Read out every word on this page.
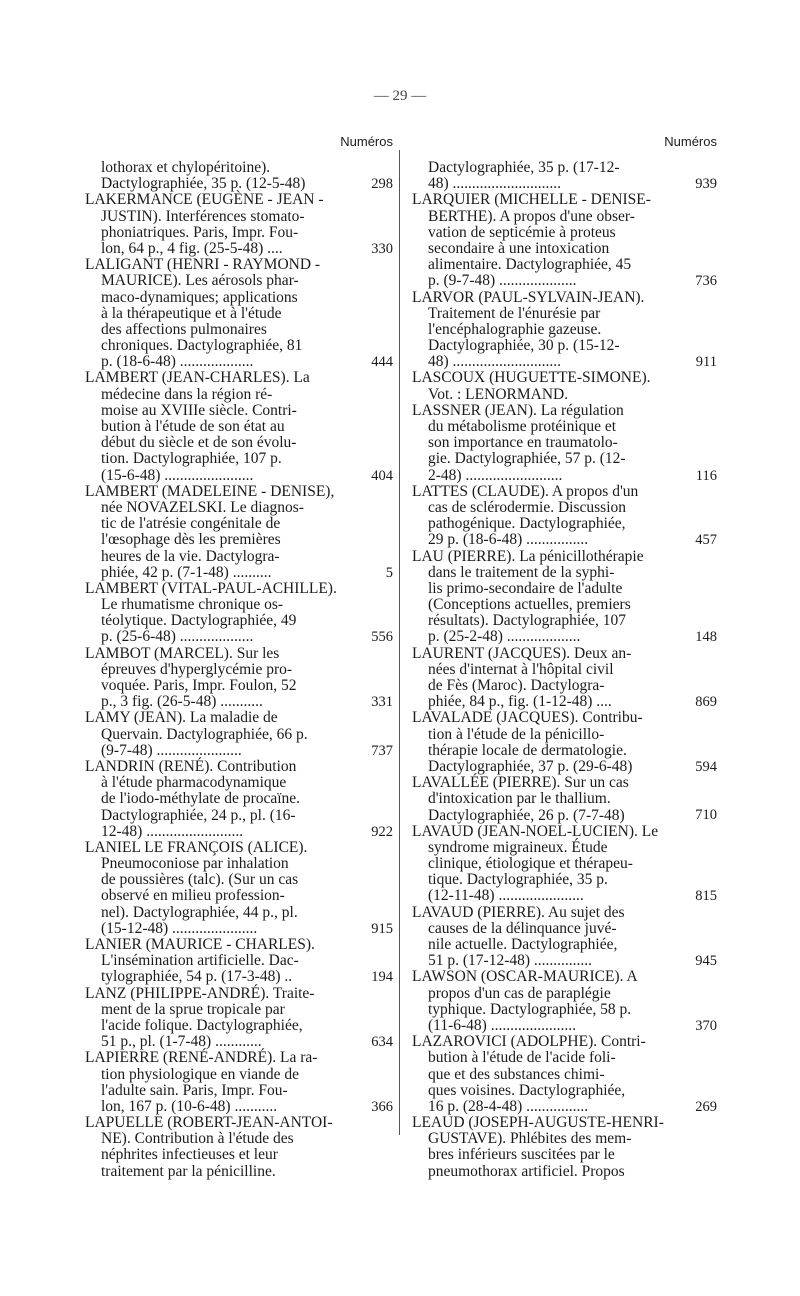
— 29 —
Numéros
lothorax et chylopéritoine).
Dactylographiée, 35 p. (12-5-48)	298
LAKERMANCE (EUGÈNE - JEAN -
JUSTIN). Interférences stomato-
phoniatriques. Paris, Impr. Fou-
lon, 64 p., 4 fig. (25-5-48) ....	330
LALIGANT (HENRI - RAYMOND -
MAURICE). Les aérosols phar-
maco-dynamiques; applications
à la thérapeutique et à l'étude
des affections pulmonaires
chroniques. Dactylographiée, 81
p. (18-6-48) ...................	444
LAMBERT (JEAN-CHARLES). La
médecine dans la région ré-
moise au XVIIIe siècle. Contri-
bution à l'étude de son état au
début du siècle et de son évolu-
tion. Dactylographiée, 107 p.
(15-6-48) .......................	404
LAMBERT (MADELEINE - DENISE),
née NOVAZELSKI. Le diagnos-
tic de l'atrésie congénitale de
l'œsophage dès les premières
heures de la vie. Dactylogra-
phiée, 42 p. (7-1-48) ..........	5
LAMBERT (VITAL-PAUL-ACHILLE).
Le rhumatisme chronique os-
téolytique. Dactylographiée, 49
p. (25-6-48) ...................	556
LAMBOT (MARCEL). Sur les
épreuves d'hyperglycémie pro-
voquée. Paris, Impr. Foulon, 52
p., 3 fig. (26-5-48) ...........	331
LAMY (JEAN). La maladie de
Quervain. Dactylographiée, 66 p.
(9-7-48) ......................	737
LANDRIN (RENÉ). Contribution
à l'étude pharmacodynamique
de l'iodo-méthylate de procaïne.
Dactylographiée, 24 p., pl. (16-
12-48) .........................	922
LANIEL LE FRANÇOIS (ALICE).
Pneumoconiose par inhalation
de poussières (talc). (Sur un cas
observé en milieu profession-
nel). Dactylographiée, 44 p., pl.
(15-12-48) ......................	915
LANIER (MAURICE - CHARLES).
L'insémination artificielle. Dac-
tylographiée, 54 p. (17-3-48) ..	194
LANZ (PHILIPPE-ANDRÉ). Traite-
ment de la sprue tropicale par
l'acide folique. Dactylographiée,
51 p., pl. (1-7-48) ............	634
LAPIERRE (RENÉ-ANDRÉ). La ra-
tion physiologique en viande de
l'adulte sain. Paris, Impr. Fou-
lon, 167 p. (10-6-48) ...........	366
LAPUELLE (ROBERT-JEAN-ANTOI-
NE). Contribution à l'étude des
néphrites infectieuses et leur
traitement par la pénicilline.
Numéros
Dactylographiée, 35 p. (17-12-
48) ............................	939
LARQUIER (MICHELLE - DENISE-
BERTHE). A propos d'une obser-
vation de septicémie à proteus
secondaire à une intoxication
alimentaire. Dactylographiée, 45
p. (9-7-48) ....................	736
LARVOR (PAUL-SYLVAIN-JEAN).
Traitement de l'énurésie par
l'encéphalographie gazeuse.
Dactylographiée, 30 p. (15-12-
48) ............................	911
LASCOUX (HUGUETTE-SIMONE).
Vot. : LENORMAND.
LASSNER (JEAN). La régulation
du métabolisme protéinique et
son importance en traumatolo-
gie. Dactylographiée, 57 p. (12-
2-48) .........................	116
LATTES (CLAUDE). A propos d'un
cas de sclérodermie. Discussion
pathogénique. Dactylographiée,
29 p. (18-6-48) ................	457
LAU (PIERRE). La pénicillothérapie
dans le traitement de la syphi-
lis primo-secondaire de l'adulte
(Conceptions actuelles, premiers
résultats). Dactylographiée, 107
p. (25-2-48) ...................	148
LAURENT (JACQUES). Deux an-
nées d'internat à l'hôpital civil
de Fès (Maroc). Dactylogra-
phiée, 84 p., fig. (1-12-48) ....	869
LAVALADE (JACQUES). Contribu-
tion à l'étude de la pénicillo-
thérapie locale de dermatologie.
Dactylographiée, 37 p. (29-6-48)	594
LAVALLÉE (PIERRE). Sur un cas
d'intoxication par le thallium.
Dactylographiée, 26 p. (7-7-48)	710
LAVAUD (JEAN-NOEL-LUCIEN). Le
syndrome migraineux. Étude
clinique, étiologique et thérapeu-
tique. Dactylographiée, 35 p.
(12-11-48) ......................	815
LAVAUD (PIERRE). Au sujet des
causes de la délinquance juvé-
nile actuelle. Dactylographiée,
51 p. (17-12-48) ...............	945
LAWSON (OSCAR-MAURICE). A
propos d'un cas de paraplégie
typhique. Dactylographiée, 58 p.
(11-6-48) ......................	370
LAZAROVICI (ADOLPHE). Contri-
bution à l'étude de l'acide foli-
que et des substances chimi-
ques voisines. Dactylographiée,
16 p. (28-4-48) ................	269
LEAUD (JOSEPH-AUGUSTE-HENRI-
GUSTAVE). Phlébites des mem-
bres inférieurs suscitées par le
pneumothorax artificiel. Propos
